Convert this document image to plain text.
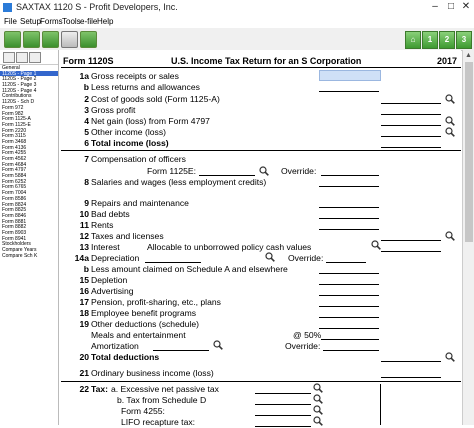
SAXTAX 1120 S - Profit Developers, Inc.	–	□ ✕
File Setup Forms Tools e-file Help
⌂	1	2	3
General
1120S - Page 1
1120S - Page 2
1120S - Page 3
1120S - Page 4
Contributions
1120S - Sch D
Form 972
Form 982
Form 1125-A
Form 1125-E
Form 2220
Form 3115
Form 3468
Form 4136
Form 4255
Form 4562
Form 4684
Form 4797
Form 5884
Form 6252
Form 6765
Form 7004
Form 8586
Form 8824
Form 8825
Form 8846
Form 8881
Form 8882
Form 8903
Form 8941
Stockholders
Compare Years
Compare Sch K
Form 1120S	U.S. Income Tax Return for an S Corporation	2017
1a Gross receipts or sales
b Less returns and allowances
2 Cost of goods sold (Form 1125-A)
3 Gross profit
4 Net gain (loss) from Form 4797
5 Other income (loss)
6 Total income (loss)
7 Compensation of officers
Form 1125E:	Override:
8 Salaries and wages (less employment credits)
9 Repairs and maintenance
10 Bad debts
11 Rents
12 Taxes and licenses
13 Interest	Allocable to unborrowed policy cash values
14a Depreciation	Override:
b Less amount claimed on Schedule A and elsewhere
15 Depletion
16 Advertising
17 Pension, profit-sharing, etc., plans
18 Employee benefit programs
19 Other deductions (schedule)
Meals and entertainment	@ 50%
Amortization	Override:
20 Total deductions
21 Ordinary business income (loss)
22 Tax: a. Excessive net passive tax
b. Tax from Schedule D
Form 4255:
LIFO recapture tax:
▲
